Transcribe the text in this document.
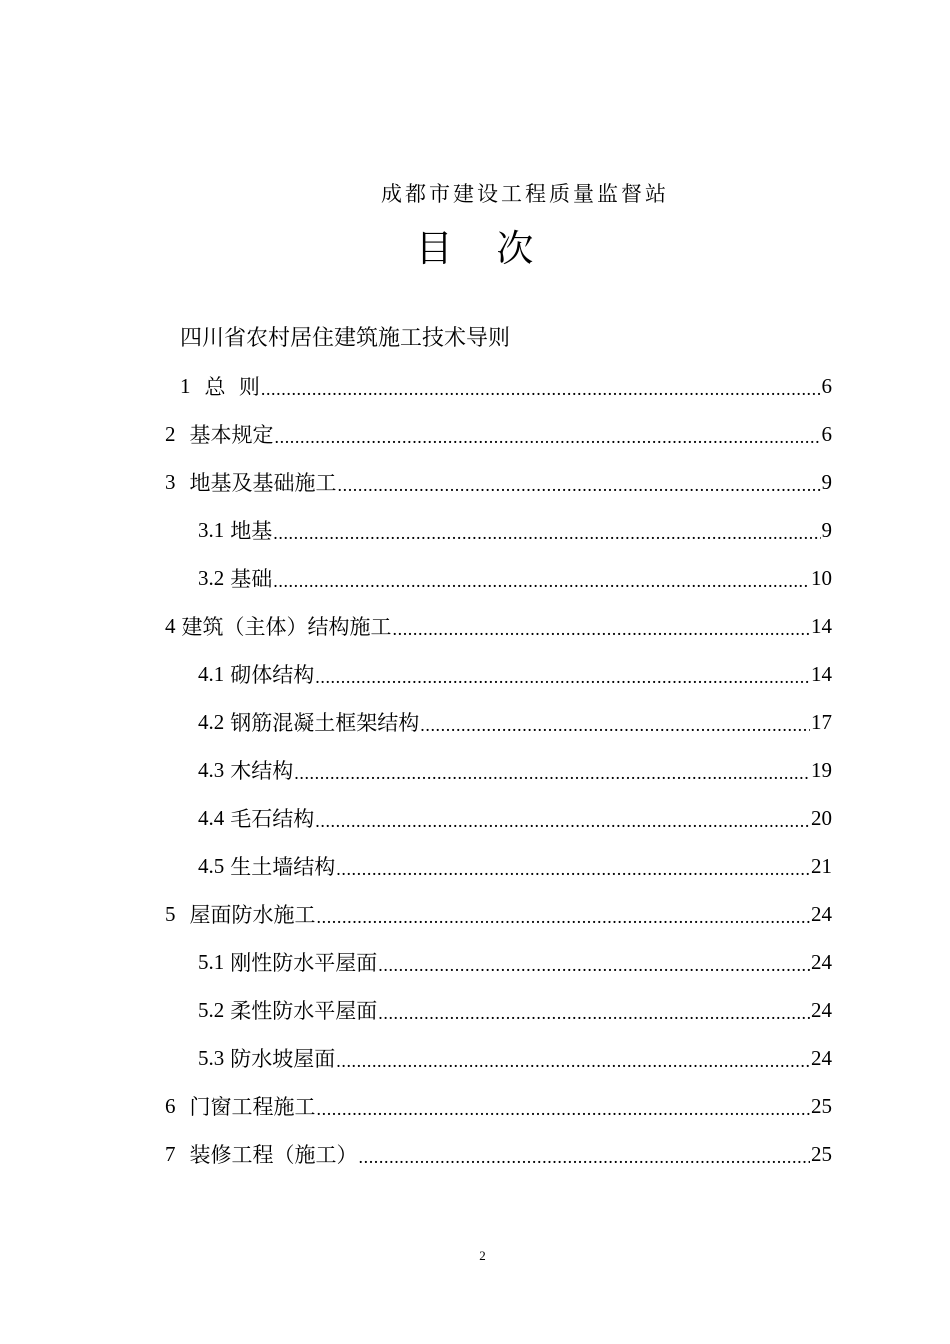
成都市建设工程质量监督站
目 次
四川省农村居住建筑施工技术导则
1 总  则 .....	6
2 基本规定 .....	6
3 地基及基础施工 .....	9
3.1 地基 .....	9
3.2 基础 .....	10
4 建筑（主体）结构施工 .....	14
4.1 砌体结构 .....	14
4.2 钢筋混凝土框架结构 .....	17
4.3 木结构 .....	19
4.4 毛石结构 .....	20
4.5 生土墙结构 .....	21
5 屋面防水施工 .....	24
5.1 刚性防水平屋面 .....	24
5.2 柔性防水平屋面 .....	24
5.3 防水坡屋面 .....	24
6 门窗工程施工 .....	25
7 装修工程（施工） .....	25
2
